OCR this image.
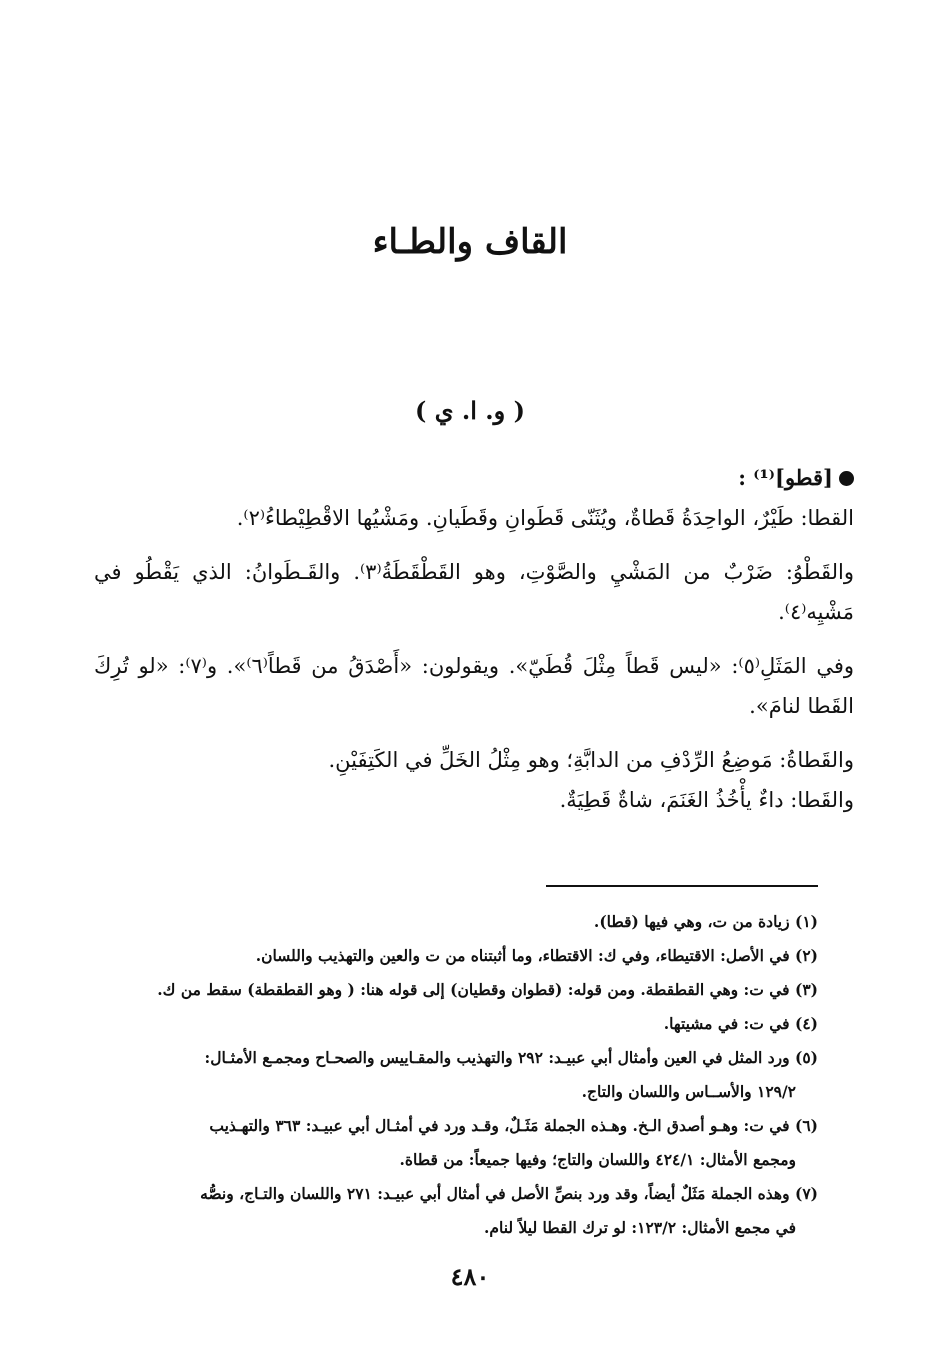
القاف والطـاء
( و. ا. ي )
[قطو]⁽¹⁾ :

القطا: طَيْرٌ، الواحِدَةُ قَطاةٌ، ويُثَنّى قَطَوانِ وقَطَيانِ. ومَشْيُها الاقْطِيْطاءُ⁽٢⁾.

والقَطْوُ: ضَرْبٌ من المَشْيِ والصَّوْتِ، وهو القَطْقَطَةُ⁽٣⁾. والقَـطَوانُ: الذي يَقْطُو في مَشْيِه⁽٤⁾.

وفي المَثَلِ⁽٥⁾: «ليس قَطاً مِثْلَ قُطَيّ». ويقولون: «أَصْدَقُ من قَطاً⁽٦⁾». و⁽٧⁾: «لو تُرِكَ القَطا لنامَ».

والقَطاةُ: مَوضِعُ الرِّدْفِ من الدابَّةِ؛ وهو مِثْلُ الخَلِّ في الكَتِفَيْنِ.

والقَطا: داءٌ يأْخُذُ الغَنَمَ، شاةٌ قَطِيَةٌ.

(١) زيادة من ت، وهي فيها (قطا).

(٢) في الأصل: الاقتيطاء، وفي ك: الاقتطاء، وما أثبتناه من ت والعين والتهذيب واللسان.

(٣) في ت: وهي القطقطة. ومن قوله: (قطوان وقطيان) إلى قوله هنا: ( وهو القطقطة) سقط من ك.

(٤) في ت: في مشيتها.

(٥) ورد المثل في العين وأمثال أبي عبيـد: ٢٩٢ والتهذيب والمقـاييس والصحـاح ومجمـع الأمثـال:

١٢٩/٢ والأســاس واللسان والتاج.

(٦) في ت: وهـو أصدق الـخ. وهـذه الجملة مَثَـلٌ، وقـد ورد في أمثـال أبي عبيـد: ٣٦٣ والتهـذيب

ومجمع الأمثال: ٤٢٤/١ واللسان والتاج؛ وفيها جميعاً: من قطاة.

(٧) وهذه الجملة مَثَلٌ أيضاً، وقد ورد بنصِّ الأصل في أمثال أبي عبيـد: ٢٧١ واللسان والتـاج، ونصُّه

في مجمع الأمثال: ١٢٣/٢: لو ترك القطا ليلاً لنام.

٤٨٠
